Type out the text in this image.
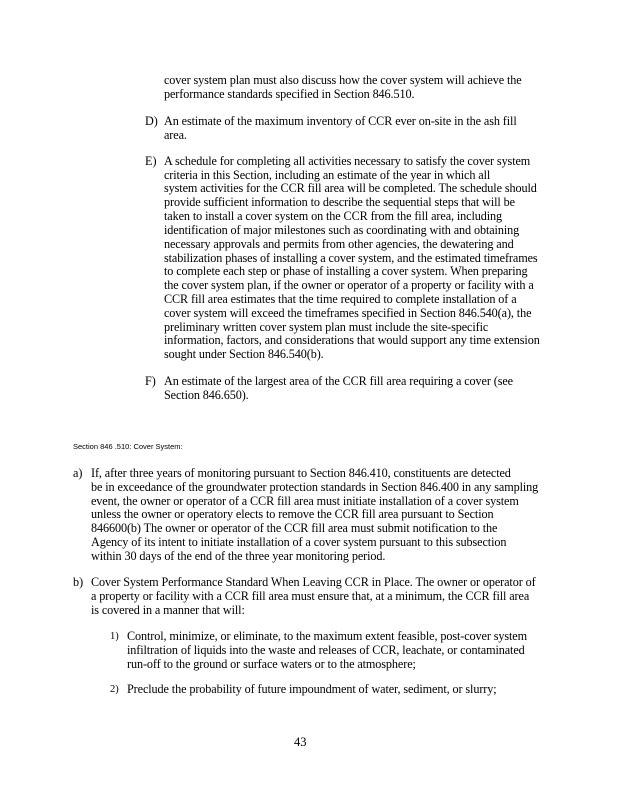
cover system plan must also discuss how the cover system will achieve the
performance standards specified in Section 846.510.
D) An estimate of the maximum inventory of CCR ever on-site in the ash fill
area.
E) A schedule for completing all activities necessary to satisfy the cover system
criteria in this Section, including an estimate of the year in which all
system activities for the CCR fill area will be completed. The schedule should
provide sufficient information to describe the sequential steps that will be
taken to install a cover system on the CCR from the fill area, including
identification of major milestones such as coordinating with and obtaining
necessary approvals and permits from other agencies, the dewatering and
stabilization phases of installing a cover system, and the estimated timeframes
to complete each step or phase of installing a cover system. When preparing
the cover system plan, if the owner or operator of a property or facility with a
CCR fill area estimates that the time required to complete installation of a
cover system will exceed the timeframes specified in Section 846.540(a), the
preliminary written cover system plan must include the site-specific
information, factors, and considerations that would support any time extension
sought under Section 846.540(b).
F) An estimate of the largest area of the CCR fill area requiring a cover (see
Section 846.650).
Section 846 .510: Cover System:
a) If, after three years of monitoring pursuant to Section 846.410, constituents are detected
be in exceedance of the groundwater protection standards in Section 846.400 in any sampling
event, the owner or operator of a CCR fill area must initiate installation of a cover system
unless the owner or operatory elects to remove the CCR fill area pursuant to Section
846600(b) The owner or operator of the CCR fill area must submit notification to the
Agency of its intent to initiate installation of a cover system pursuant to this subsection
within 30 days of the end of the three year monitoring period.
b) Cover System Performance Standard When Leaving CCR in Place. The owner or operator of
a property or facility with a CCR fill area must ensure that, at a minimum, the CCR fill area
is covered in a manner that will:
1) Control, minimize, or eliminate, to the maximum extent feasible, post-cover system
infiltration of liquids into the waste and releases of CCR, leachate, or contaminated
run-off to the ground or surface waters or to the atmosphere;
2) Preclude the probability of future impoundment of water, sediment, or slurry;
43
